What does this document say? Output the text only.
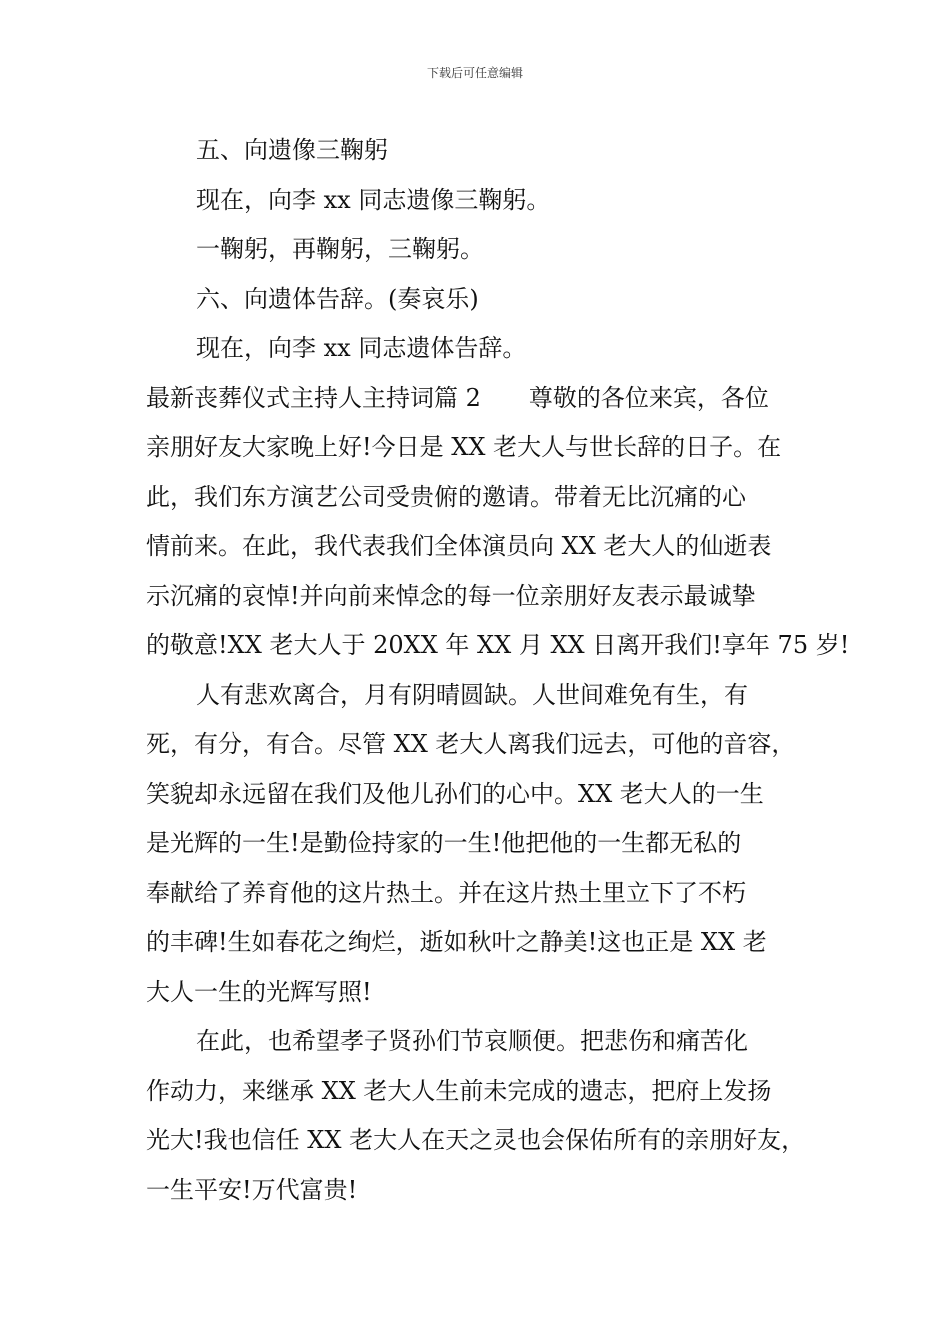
下载后可任意编辑
五、向遗像三鞠躬
现在，向李 xx 同志遗像三鞠躬。
一鞠躬，再鞠躬，三鞠躬。
六、向遗体告辞。(奏哀乐)
现在，向李 xx 同志遗体告辞。
最新丧葬仪式主持人主持词篇 2 尊敬的各位来宾，各位
亲朋好友大家晚上好!今日是 XX 老大人与世长辞的日子。在
此，我们东方演艺公司受贵俯的邀请。带着无比沉痛的心
情前来。在此，我代表我们全体演员向 XX 老大人的仙逝表
示沉痛的哀悼!并向前来悼念的每一位亲朋好友表示最诚挚
的敬意!XX 老大人于 20XX 年 XX 月 XX 日离开我们!享年 75 岁!
人有悲欢离合，月有阴晴圆缺。人世间难免有生，有
死，有分，有合。尽管 XX 老大人离我们远去，可他的音容，
笑貌却永远留在我们及他儿孙们的心中。XX 老大人的一生
是光辉的一生!是勤俭持家的一生!他把他的一生都无私的
奉献给了养育他的这片热土。并在这片热土里立下了不朽
的丰碑!生如春花之绚烂，逝如秋叶之静美!这也正是 XX 老
大人一生的光辉写照!
在此，也希望孝子贤孙们节哀顺便。把悲伤和痛苦化
作动力，来继承 XX 老大人生前未完成的遗志，把府上发扬
光大!我也信任 XX 老大人在天之灵也会保佑所有的亲朋好友，
一生平安!万代富贵!
